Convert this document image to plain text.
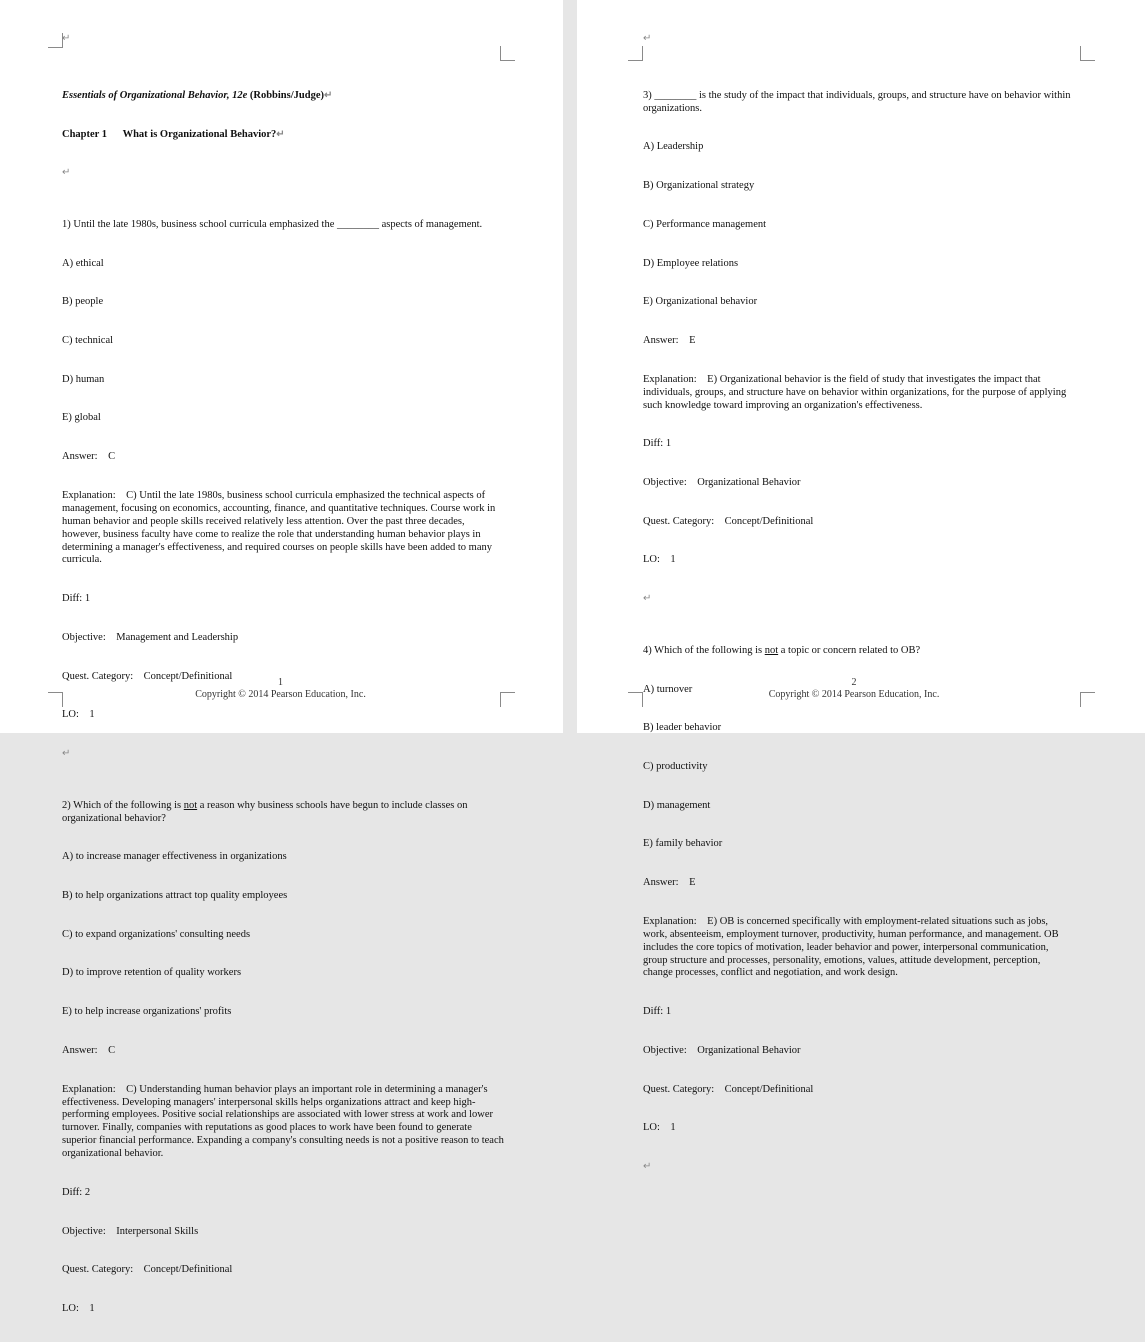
↵

Essentials of Organizational Behavior, 12e (Robbins/Judge)↵

Chapter 1      What is Organizational Behavior?↵

↵

1) Until the late 1980s, business school curricula emphasized the ________ aspects of management.

A) ethical

B) people

C) technical

D) human

E) global

Answer:    C

Explanation:    C) Until the late 1980s, business school curricula emphasized the technical aspects of management, focusing on economics, accounting, finance, and quantitative techniques. Course work in human behavior and people skills received relatively less attention. Over the past three decades, however, business faculty have come to realize the role that understanding human behavior plays in determining a manager's effectiveness, and required courses on people skills have been added to many curricula.

Diff: 1

Objective:    Management and Leadership

Quest. Category:    Concept/Definitional

LO:    1

↵

2) Which of the following is not a reason why business schools have begun to include classes on organizational behavior?

A) to increase manager effectiveness in organizations

B) to help organizations attract top quality employees

C) to expand organizations' consulting needs

D) to improve retention of quality workers

E) to help increase organizations' profits

Answer:    C

Explanation:    C) Understanding human behavior plays an important role in determining a manager's effectiveness. Developing managers' interpersonal skills helps organizations attract and keep high-performing employees. Positive social relationships are associated with lower stress at work and lower turnover. Finally, companies with reputations as good places to work have been found to generate superior financial performance. Expanding a company's consulting needs is not a positive reason to teach organizational behavior.

Diff: 2

Objective:    Interpersonal Skills

Quest. Category:    Concept/Definitional

LO:    1

1
Copyright © 2014 Pearson Education, Inc.
↵

3) ________ is the study of the impact that individuals, groups, and structure have on behavior within organizations.

A) Leadership

B) Organizational strategy

C) Performance management

D) Employee relations

E) Organizational behavior

Answer:    E

Explanation:    E) Organizational behavior is the field of study that investigates the impact that individuals, groups, and structure have on behavior within organizations, for the purpose of applying such knowledge toward improving an organization's effectiveness.

Diff: 1

Objective:    Organizational Behavior

Quest. Category:    Concept/Definitional

LO:    1

↵

4) Which of the following is not a topic or concern related to OB?

A) turnover

B) leader behavior

C) productivity

D) management

E) family behavior

Answer:    E

Explanation:    E) OB is concerned specifically with employment-related situations such as jobs, work, absenteeism, employment turnover, productivity, human performance, and management. OB includes the core topics of motivation, leader behavior and power, interpersonal communication, group structure and processes, personality, emotions, values, attitude development, perception, change processes, conflict and negotiation, and work design.

Diff: 1

Objective:    Organizational Behavior

Quest. Category:    Concept/Definitional

LO:    1

↵

2
Copyright © 2014 Pearson Education, Inc.
